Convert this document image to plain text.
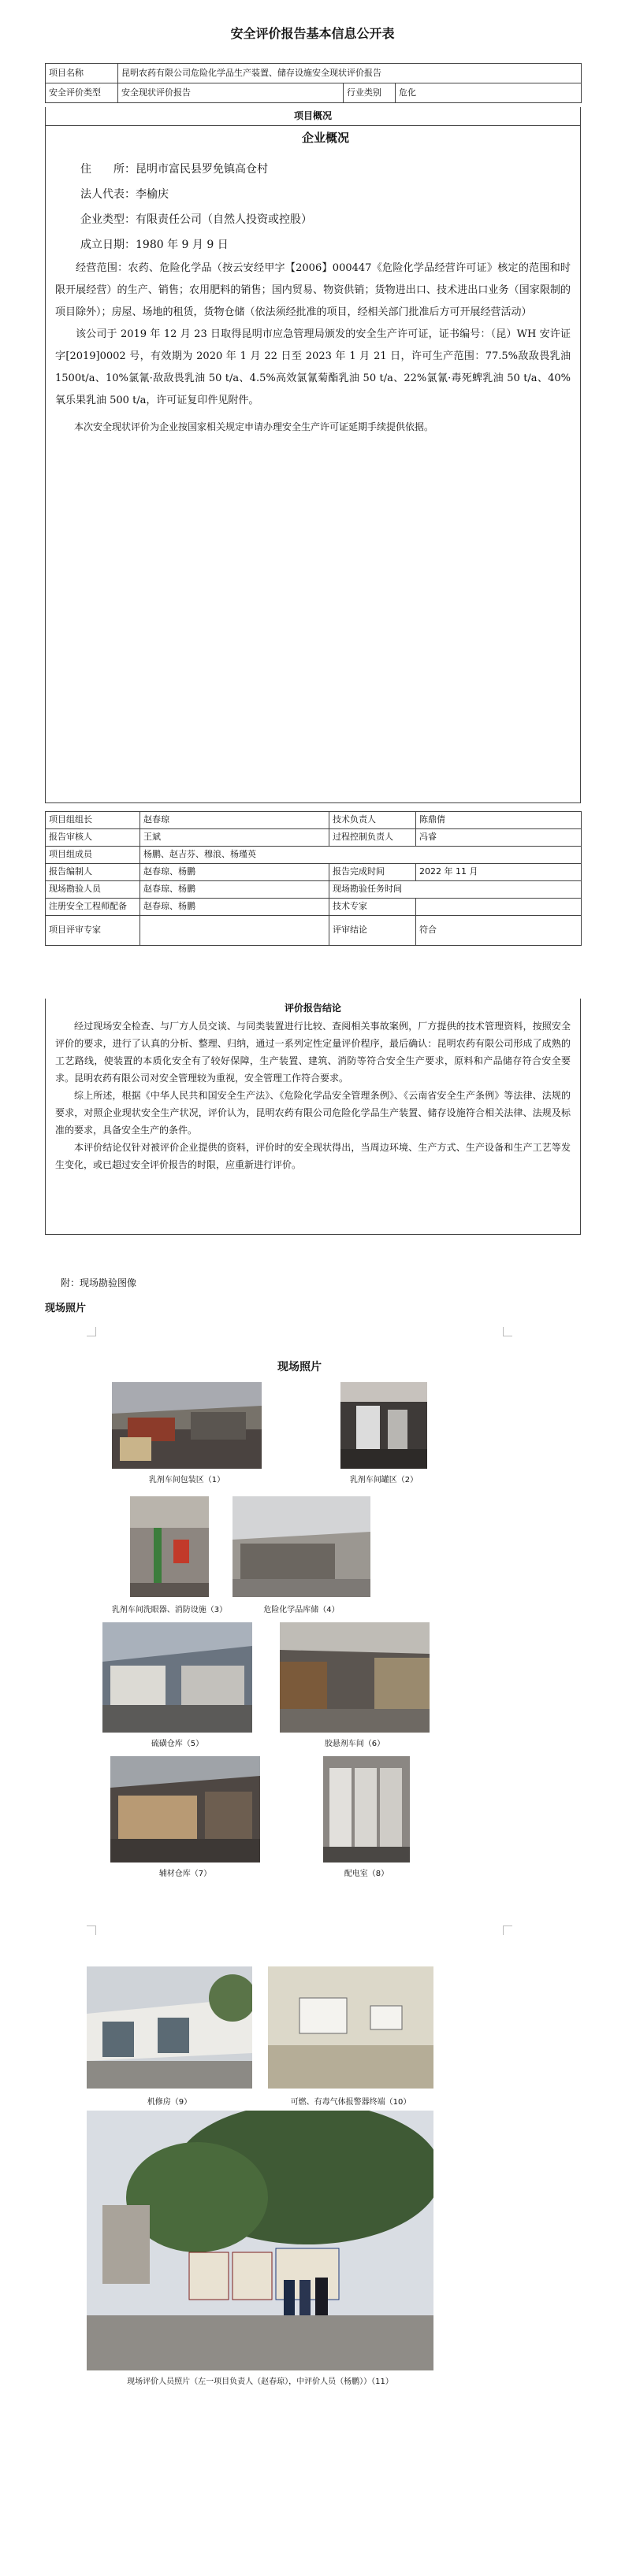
安全评价报告基本信息公开表
项目名称	昆明农药有限公司危险化学品生产装置、储存设施安全现状评价报告		
安全评价类型	安全现状评价报告	行业类别	危化
项目概况
企业概况
住　　所：昆明市富民县罗免镇高仓村
法人代表：李榆庆
企业类型：有限责任公司（自然人投资或控股）
成立日期：1980 年 9 月 9 日

经营范围：农药、危险化学品（按云安经甲字【2006】000447《危险化学品经营许可证》核定的范围和时限开展经营）的生产、销售；农用肥料的销售；国内贸易、物资供销；货物进出口、技术进出口业务（国家限制的项目除外）；房屋、场地的租赁，货物仓储（依法须经批准的项目，经相关部门批准后方可开展经营活动）

该公司于 2019 年 12 月 23 日取得昆明市应急管理局颁发的安全生产许可证，证书编号：（昆）WH 安许证字[2019]0002 号，有效期为 2020 年 1 月 22 日至 2023 年 1 月 21 日，许可生产范围：77.5%敌敌畏乳油 1500t/a、10%氯氰·敌敌畏乳油 50 t/a、4.5%高效氯氰菊酯乳油 50 t/a、22%氯氰·毒死蜱乳油 50 t/a、40%氧乐果乳油 500 t/a，许可证复印件见附件。

本次安全现状评价为企业按国家相关规定申请办理安全生产许可证延期手续提供依据。

项目组组长	赵春琼	技术负责人	陈鼎倩
报告审核人	王斌	过程控制负责人	冯睿
项目组成员	杨鹏、赵吉芬、穆浪、杨瑾英		
报告编制人	赵春琼、杨鹏	报告完成时间	2022 年 11 月
现场勘验人员	赵春琼、杨鹏	现场勘验任务时间	
注册安全工程师配备	赵春琼、杨鹏	技术专家	
项目评审专家		评审结论	符合
评价报告结论

经过现场安全检查、与厂方人员交谈、与同类装置进行比较、查阅相关事故案例，厂方提供的技术管理资料，按照安全评价的要求，进行了认真的分析、整理、归纳，通过一系列定性定量评价程序，最后确认：昆明农药有限公司形成了成熟的工艺路线，使装置的本质化安全有了较好保障，生产装置、建筑、消防等符合安全生产要求，原料和产品储存符合安全要求。昆明农药有限公司对安全管理较为重视，安全管理工作符合要求。

综上所述，根据《中华人民共和国安全生产法》、《危险化学品安全管理条例》、《云南省安全生产条例》等法律、法规的要求，对照企业现状安全生产状况，评价认为，昆明农药有限公司危险化学品生产装置、储存设施符合相关法律、法规及标准的要求，具备安全生产的条件。

本评价结论仅针对被评价企业提供的资料，评价时的安全现状得出，当周边环境、生产方式、生产设备和生产工艺等发生变化，或已超过安全评价报告的时限，应重新进行评价。

附：现场勘验图像
现场照片
现场照片
乳剂车间包装区（1）	乳剂车间罐区（2）
乳剂车间洗眼器、消防设施（3）	危险化学品库储（4）
硫磺仓库（5）	胶悬剂车间（6）
辅材仓库（7）	配电室（8）
机修房（9）	可燃、有毒气体报警器终端（10）
现场评价人员照片（左一项目负责人（赵春琼），中评价人员（杨鹏））（11）
